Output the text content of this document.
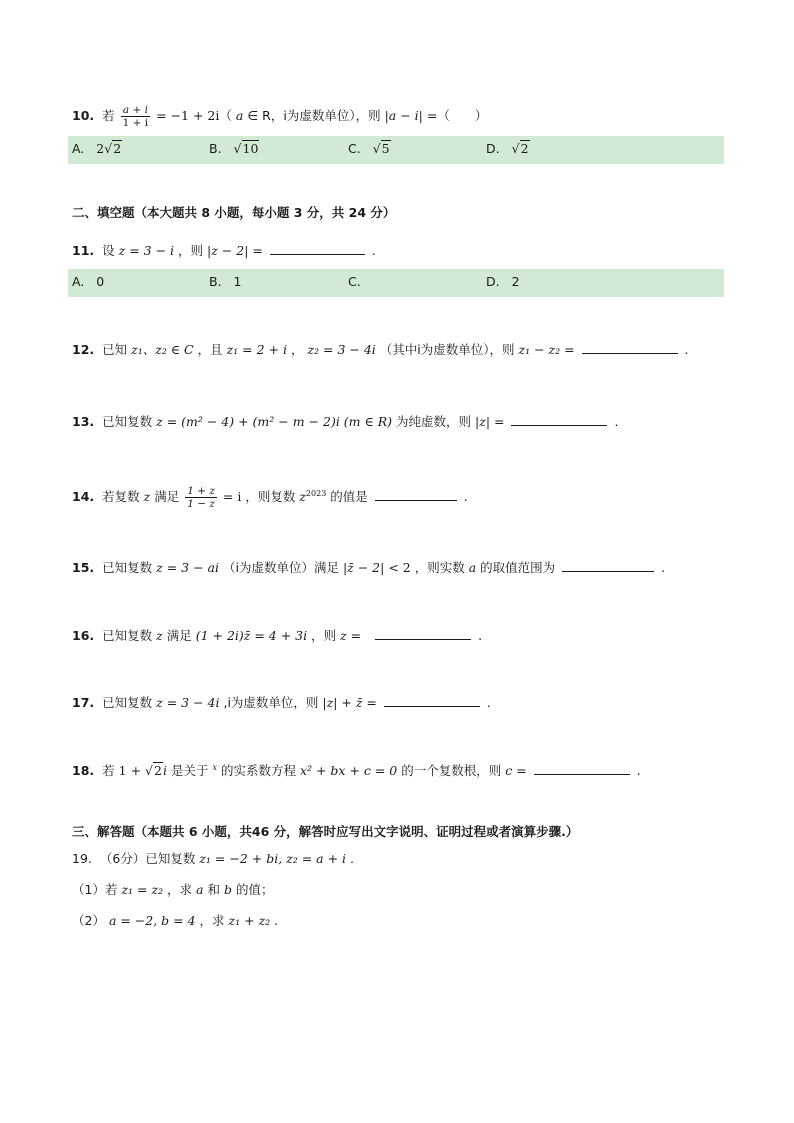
10. 若 $\frac{a + i}{1 + i} = -1 + 2i$（ a ∈ R，i为虚数单位），则 |a − i| =（　　）
A. 2√2	B. √10	C. √5	D. √2
二、填空题（本大题共 8 小题，每小题 3 分，共 24 分）
11. 设 z = 3 − i ，则 |z − 2| =	.
A. 0	B. 1	C.	D. 2
12. 已知 z₁、z₂ ∈ C ，且 z₁ = 2 + i ， z₂ = 3 − 4i （其中i为虚数单位），则 z₁ − z₂ =	.
13. 已知复数 z = (m² − 4) + (m² − m − 2)i (m ∈ R) 为纯虚数，则 |z| =	.
14. 若复数 z 满足 $\frac{1 + z}{1 - z} = i$ ，则复数 $z^{2023}$ 的值是	.
15. 已知复数 z = 3 − ai （i为虚数单位）满足 |z̄ − 2| < 2 ，则实数 a 的取值范围为	.
16. 已知复数 z 满足 (1 + 2i)z̄ = 4 + 3i ，则 z =	.
17. 已知复数 z = 3 − 4i ,i为虚数单位，则 |z| + z̄ =	.
18. 若 1 + √2i 是关于 $^x$ 的实系数方程 x² + bx + c = 0 的一个复数根，则 c =	.
三、解答题（本题共 6 小题，共46 分，解答时应写出文字说明、证明过程或者演算步骤.）
19. （6分）已知复数 z₁ = −2 + bi, z₂ = a + i .
（1）若 z₁ = z₂ ，求 a 和 b 的值；
（2） a = −2, b = 4 ，求 z₁ + z₂ .
